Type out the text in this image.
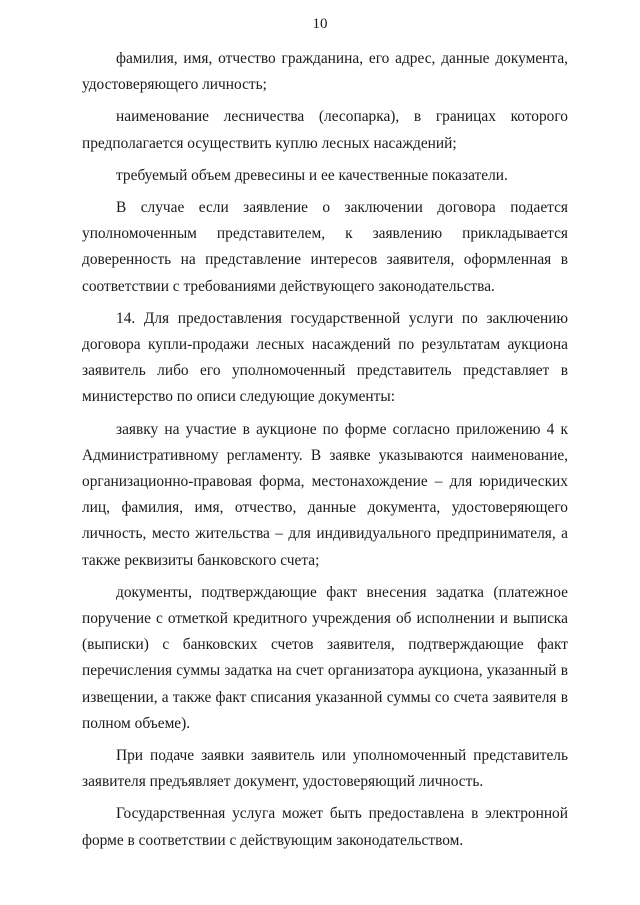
10

фамилия, имя, отчество гражданина, его адрес, данные документа, удостоверяющего личность;

наименование лесничества (лесопарка), в границах которого предполагается осуществить куплю лесных насаждений;

требуемый объем древесины и ее качественные показатели.

В случае если заявление о заключении договора подается уполномоченным представителем, к заявлению прикладывается доверенность на представление интересов заявителя, оформленная в соответствии с требованиями действующего законодательства.

14. Для предоставления государственной услуги по заключению договора купли-продажи лесных насаждений по результатам аукциона заявитель либо его уполномоченный представитель представляет в министерство по описи следующие документы:

заявку на участие в аукционе по форме согласно приложению 4 к Административному регламенту. В заявке указываются наименование, организационно-правовая форма, местонахождение – для юридических лиц, фамилия, имя, отчество, данные документа, удостоверяющего личность, место жительства – для индивидуального предпринимателя, а также реквизиты банковского счета;

документы, подтверждающие факт внесения задатка (платежное поручение с отметкой кредитного учреждения об исполнении и выписка (выписки) с банковских счетов заявителя, подтверждающие факт перечисления суммы задатка на счет организатора аукциона, указанный в извещении, а также факт списания указанной суммы со счета заявителя в полном объеме).

При подаче заявки заявитель или уполномоченный представитель заявителя предъявляет документ, удостоверяющий личность.

Государственная услуга может быть предоставлена в электронной форме в соответствии с действующим законодательством.
